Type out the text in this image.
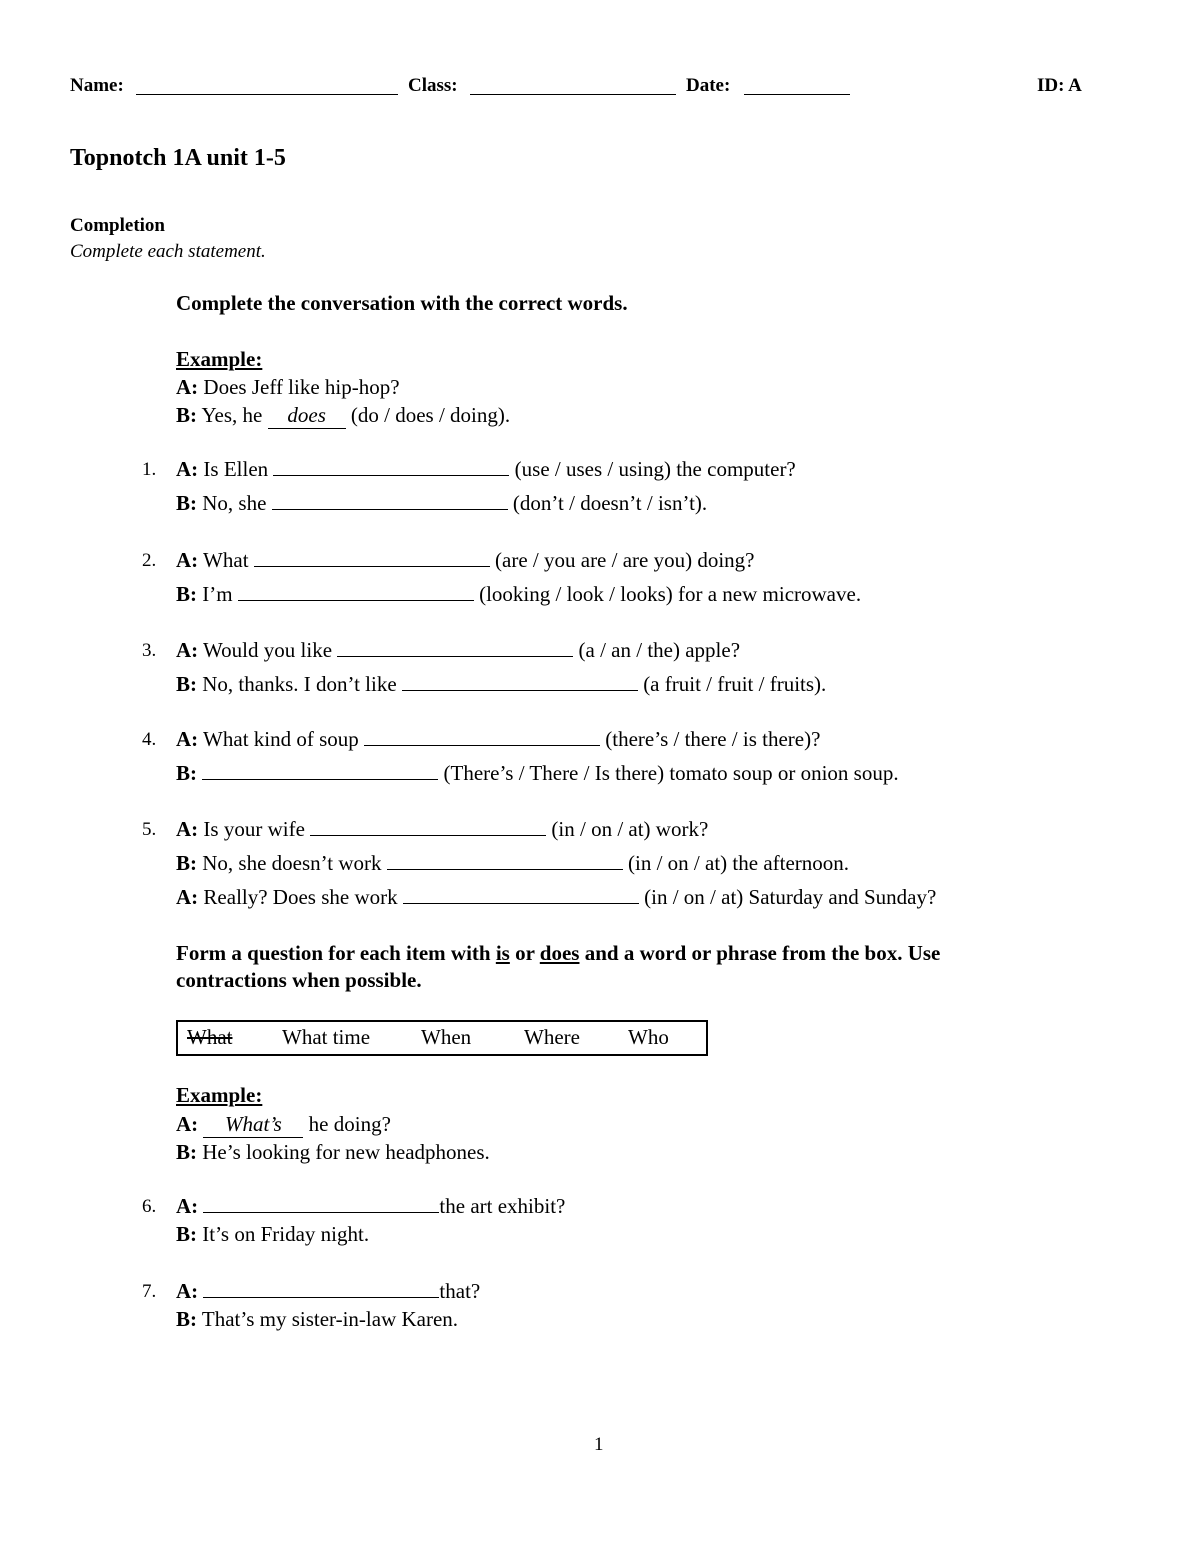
Name:	Class:	Date:	ID: A
Topnotch 1A unit 1-5
Completion
Complete each statement.
Complete the conversation with the correct words.
Example:
A: Does Jeff like hip-hop?
B: Yes, he does (do / does / doing).
1. A: Is Ellen	(use / uses / using) the computer?
B: No, she	(don’t / doesn’t / isn’t).
2. A: What	(are / you are / are you) doing?
B: I’m	(looking / look / looks) for a new microwave.
3. A: Would you like	(a / an / the) apple?
B: No, thanks. I don’t like	(a fruit / fruit / fruits).
4. A: What kind of soup	(there’s / there / is there)?
B:	(There’s / There / Is there) tomato soup or onion soup.
5. A: Is your wife	(in / on / at) work?
B: No, she doesn’t work	(in / on / at) the afternoon.
A: Really? Does she work	(in / on / at) Saturday and Sunday?
Form a question for each item with is or does and a word or phrase from the box. Use
contractions when possible.
What What time When	Where Who
Example:
A: What’s he doing?
B: He’s looking for new headphones.
6. A:	the art exhibit?
B: It’s on Friday night.
7. A:	that?
B: That’s my sister-in-law Karen.
1
